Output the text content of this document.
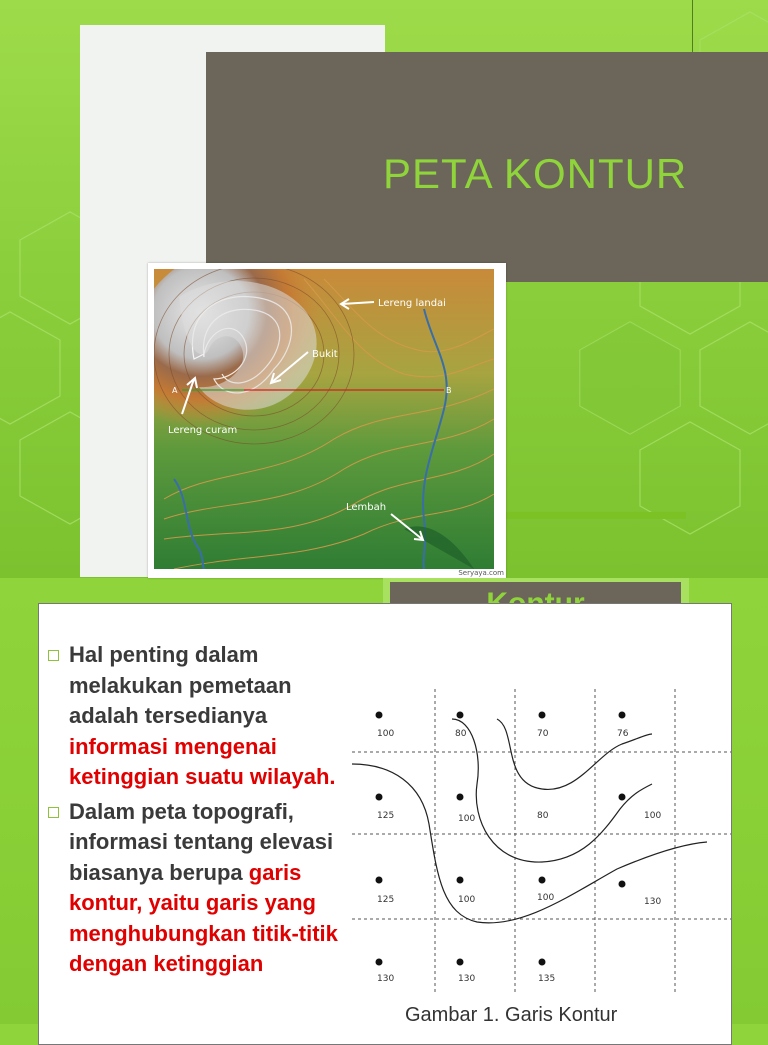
PETA KONTUR
Lereng landai
Bukit
Lereng curam
Lembah
A	B
Seryaya.com

Hal penting dalam melakukan pemetaan adalah tersedianya informasi mengenai ketinggian suatu wilayah.

Dalam peta topografi, informasi tentang elevasi biasanya berupa garis kontur, yaitu garis yang menghubungkan titik-titik dengan ketinggian

100	80	70	76
125	100	80	100
125	100	100	130
130	130	135
Gambar 1. Garis Kontur
